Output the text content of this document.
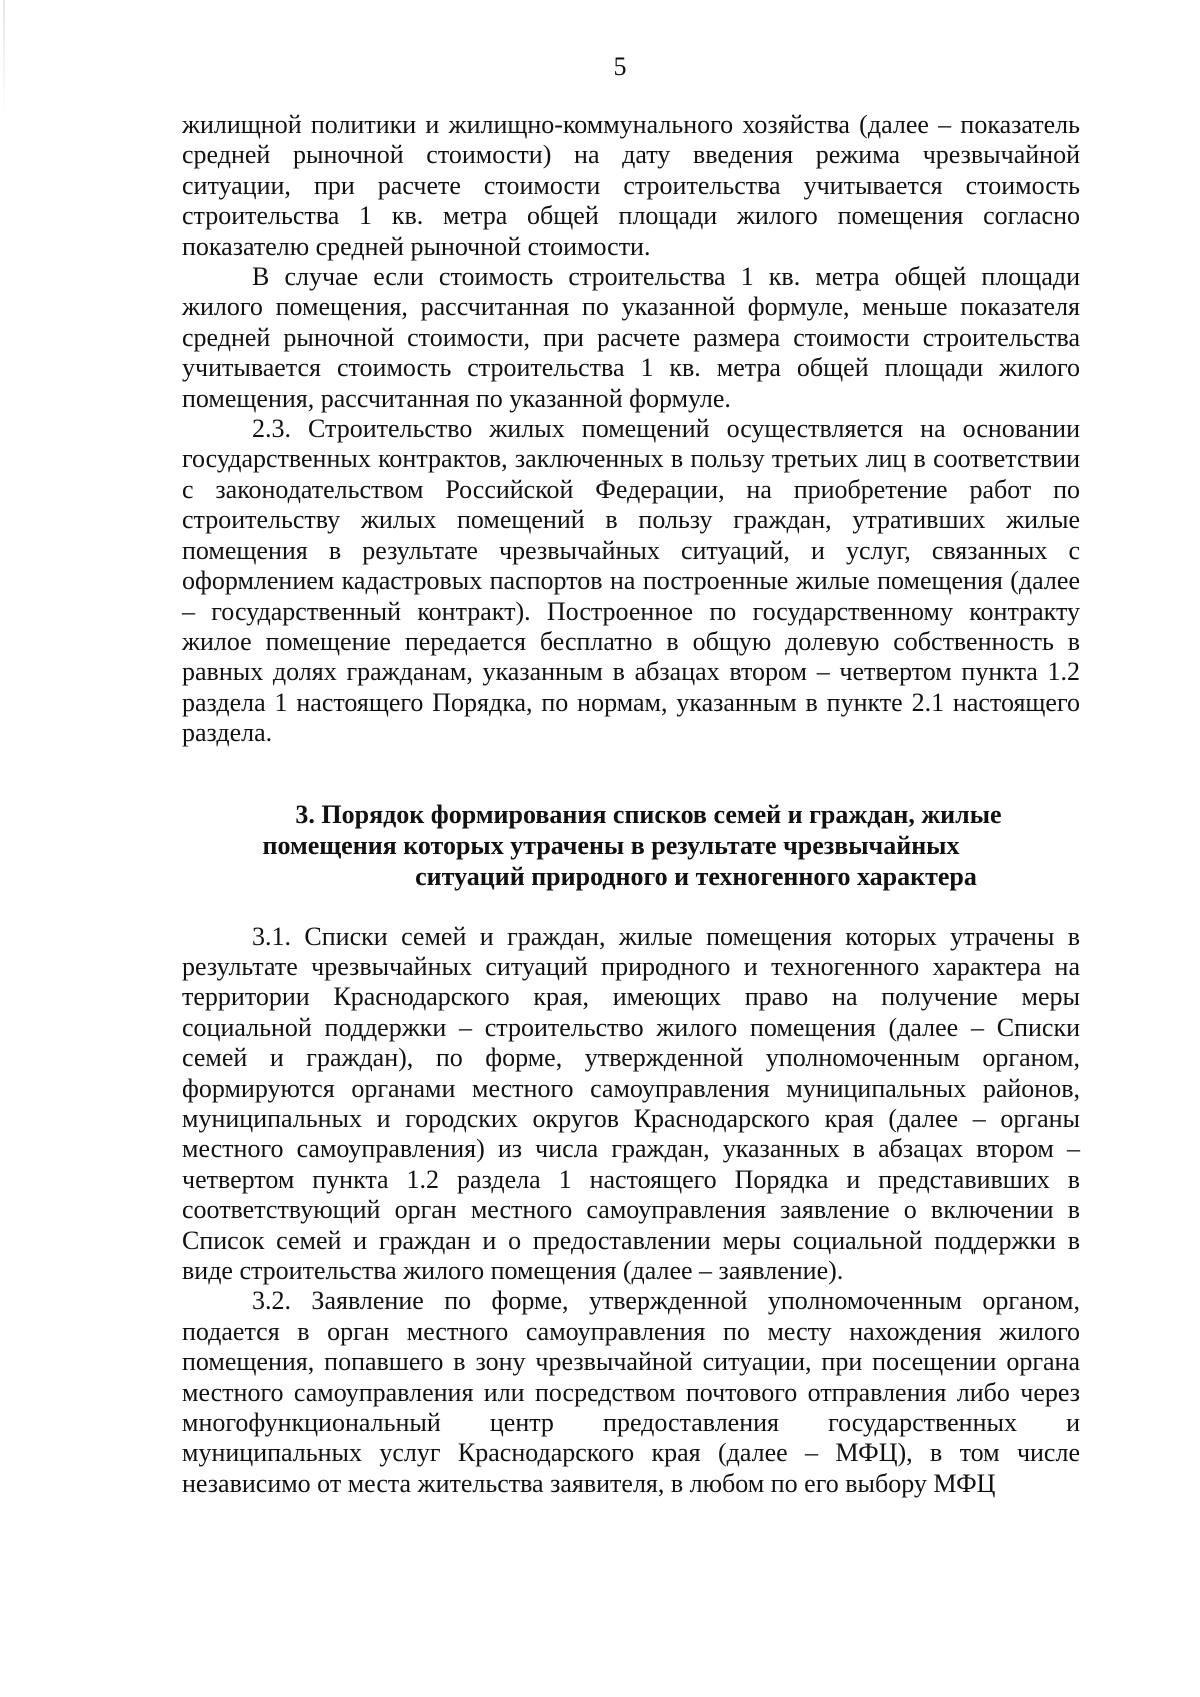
5

жилищной политики и жилищно-коммунального хозяйства (далее – показатель средней рыночной стоимости) на дату введения режима чрезвычайной ситуации, при расчете стоимости строительства учитывается стоимость строительства 1 кв. метра общей площади жилого помещения согласно показателю средней рыночной стоимости.

В случае если стоимость строительства 1 кв. метра общей площади жилого помещения, рассчитанная по указанной формуле, меньше показателя средней рыночной стоимости, при расчете размера стоимости строительства учитывается стоимость строительства 1 кв. метра общей площади жилого помещения, рассчитанная по указанной формуле.

2.3. Строительство жилых помещений осуществляется на основании государственных контрактов, заключенных в пользу третьих лиц в соответствии с законодательством Российской Федерации, на приобретение работ по строительству жилых помещений в пользу граждан, утративших жилые помещения в результате чрезвычайных ситуаций, и услуг, связанных с оформлением кадастровых паспортов на построенные жилые помещения (далее – государственный контракт). Построенное по государственному контракту жилое помещение передается бесплатно в общую долевую собственность в равных долях гражданам, указанным в абзацах втором – четвертом пункта 1.2 раздела 1 настоящего Порядка, по нормам, указанным в пункте 2.1 настоящего раздела.

3. Порядок формирования списков семей и граждан, жилые
помещения которых утрачены в результате чрезвычайных
ситуаций природного и техногенного характера

3.1. Списки семей и граждан, жилые помещения которых утрачены в результате чрезвычайных ситуаций природного и техногенного характера на территории Краснодарского края, имеющих право на получение меры социальной поддержки – строительство жилого помещения (далее – Списки семей и граждан), по форме, утвержденной уполномоченным органом, формируются органами местного самоуправления муниципальных районов, муниципальных и городских округов Краснодарского края (далее – органы местного самоуправления) из числа граждан, указанных в абзацах втором – четвертом пункта 1.2 раздела 1 настоящего Порядка и представивших в соответствующий орган местного самоуправления заявление о включении в Список семей и граждан и о предоставлении меры социальной поддержки в виде строительства жилого помещения (далее – заявление).

3.2. Заявление по форме, утвержденной уполномоченным органом, подается в орган местного самоуправления по месту нахождения жилого помещения, попавшего в зону чрезвычайной ситуации, при посещении органа местного самоуправления или посредством почтового отправления либо через многофункциональный центр предоставления государственных и муниципальных услуг Краснодарского края (далее – МФЦ), в том числе независимо от места жительства заявителя, в любом по его выбору МФЦ
